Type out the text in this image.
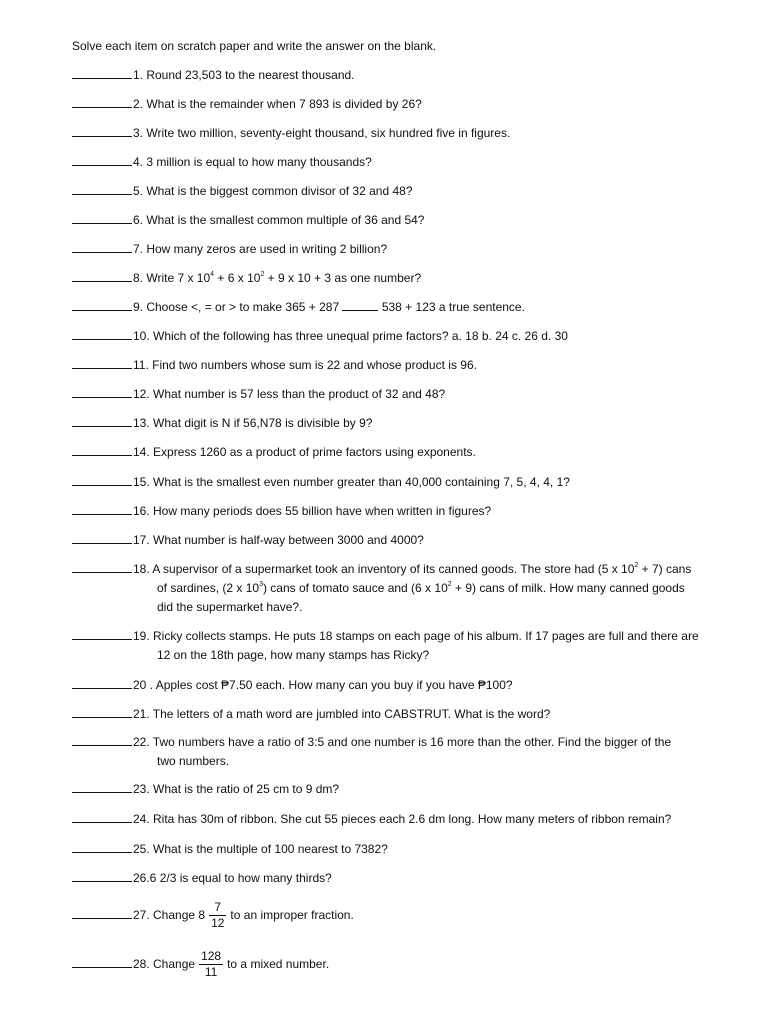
Solve each item on scratch paper and write the answer on the blank.
1. Round 23,503 to the nearest thousand.
2. What is the remainder when 7 893 is divided by 26?
3. Write two million, seventy-eight thousand, six hundred five in figures.
4. 3 million is equal to how many thousands?
5. What is the biggest common divisor of 32 and 48?
6. What is the smallest common multiple of 36 and 54?
7. How many zeros are used in writing 2 billion?
8. Write 7 x $10^4 + 6$ x $10^2 + 9$ x 10 + 3 as one number?
9. Choose <, = or > to make 365 + 287	538 + 123 a true sentence.
10. Which of the following has three unequal prime factors? a. 18 b. 24 c. 26 d. 30
11. Find two numbers whose sum is 22 and whose product is 96.
12. What number is 57 less than the product of 32 and 48?
13. What digit is N if 56,N78 is divisible by 9?
14. Express 1260 as a product of prime factors using exponents.
15. What is the smallest even number greater than 40,000 containing 7, 5, 4, 4, 1?
16. How many periods does 55 billion have when written in figures?
17. What number is half-way between 3000 and 4000?
18. A supervisor of a supermarket took an inventory of its canned goods. The store had (5 x $10^2 + 7$) cans
of sardines, (2 x $10^3$) cans of tomato sauce and (6 x $10^2 + 9$) cans of milk. How many canned goods
did the supermarket have?.
19. Ricky collects stamps. He puts 18 stamps on each page of his album. If 17 pages are full and there are
12 on the 18th page, how many stamps has Ricky?
20 . Apples cost ₱7.50 each. How many can you buy if you have ₱100?
21. The letters of a math word are jumbled into CABSTRUT. What is the word?
22. Two numbers have a ratio of 3:5 and one number is 16 more than the other. Find the bigger of the
two numbers.
23. What is the ratio of 25 cm to 9 dm?
24. Rita has 30m of ribbon. She cut 55 pieces each 2.6 dm long. How many meters of ribbon remain?
25. What is the multiple of 100 nearest to 7382?
26.6 2/3 is equal to how many thirds?
27. Change $8 \frac{7}{12}$ to an improper fraction.
28. Change $\frac{128}{11}$ to a mixed number.
